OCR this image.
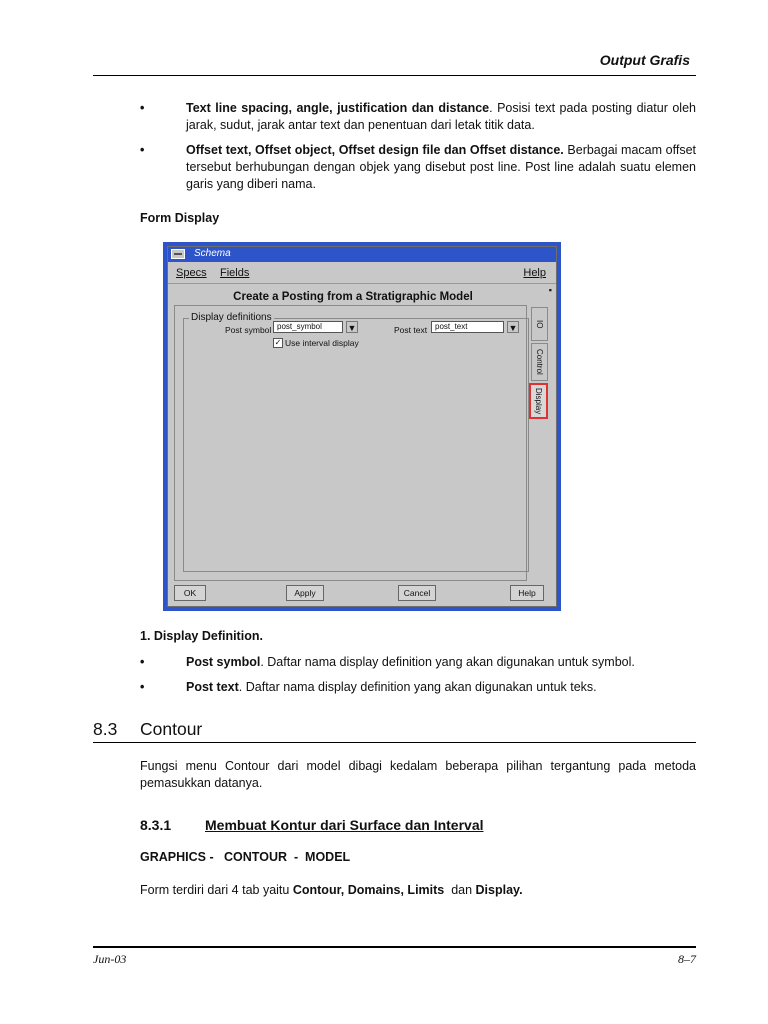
Output Grafis
•	Text line spacing, angle, justification dan distance. Posisi text pada posting diatur oleh jarak, sudut, jarak antar text dan penentuan dari letak titik data.
•	Offset text, Offset object, Offset design file dan Offset distance. Berbagai macam offset tersebut berhubungan dengan objek yang disebut post line. Post line adalah suatu elemen garis yang diberi nama.
Form Display
Schema
Specs Fields	Help
▪
Create a Posting from a Stratigraphic Model
Display definitions
Post symbol post_symbol	▼	Post text post_text	▼
✓ Use interval display
IO
Control
Display
OK	Apply	Cancel	Help
1. Display Definition.
•	Post symbol. Daftar nama display definition yang akan digunakan untuk symbol.
•	Post text. Daftar nama display definition yang akan digunakan untuk teks.
8.3 Contour
Fungsi menu Contour dari model dibagi kedalam beberapa pilihan tergantung pada metoda pemasukkan datanya.
8.3.1 Membuat Kontur dari Surface dan Interval
GRAPHICS -   CONTOUR  -  MODEL
Form terdiri dari 4 tab yaitu Contour, Domains, Limits  dan Display.
Jun-03	8–7
